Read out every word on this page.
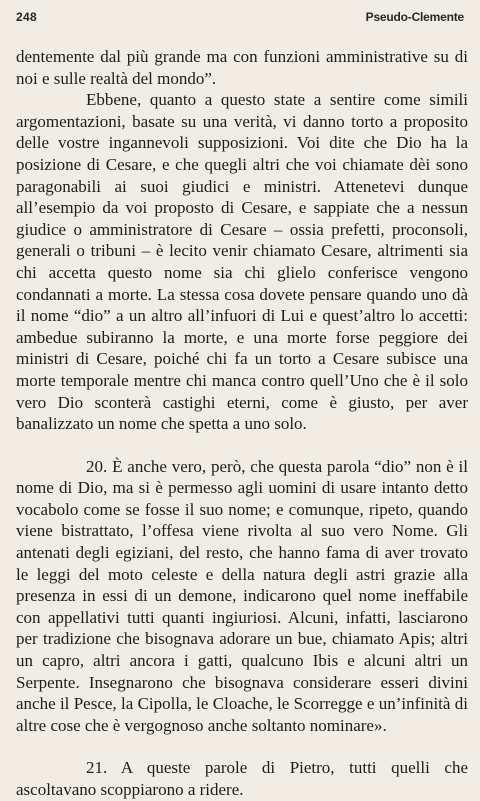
248	Pseudo-Clemente

dentemente dal più grande ma con funzioni amministrative su di noi e sulle realtà del mondo”.

Ebbene, quanto a questo state a sentire come simili argomentazioni, basate su una verità, vi danno torto a proposito delle vostre ingannevoli supposizioni. Voi dite che Dio ha la posizione di Cesare, e che quegli altri che voi chiamate dèi sono paragonabili ai suoi giudici e ministri. Attenetevi dunque all’esempio da voi proposto di Cesare, e sappiate che a nessun giudice o amministratore di Cesare – ossia prefetti, proconsoli, generali o tribuni – è lecito venir chiamato Cesare, altrimenti sia chi accetta questo nome sia chi glielo conferisce vengono condannati a morte. La stessa cosa dovete pensare quando uno dà il nome “dio” a un altro all’infuori di Lui e quest’altro lo accetti: ambedue subiranno la morte, e una morte forse peggiore dei ministri di Cesare, poiché chi fa un torto a Cesare subisce una morte temporale mentre chi manca contro quell’Uno che è il solo vero Dio sconterà castighi eterni, come è giusto, per aver banalizzato un nome che spetta a uno solo.

20. È anche vero, però, che questa parola “dio” non è il nome di Dio, ma si è permesso agli uomini di usare intanto detto vocabolo come se fosse il suo nome; e comunque, ripeto, quando viene bistrattato, l’offesa viene rivolta al suo vero Nome. Gli antenati degli egiziani, del resto, che hanno fama di aver trovato le leggi del moto celeste e della natura degli astri grazie alla presenza in essi di un demone, indicarono quel nome ineffabile con appellativi tutti quanti ingiuriosi. Alcuni, infatti, lasciarono per tradizione che bisognava adorare un bue, chiamato Apis; altri un capro, altri ancora i gatti, qualcuno Ibis e alcuni altri un Serpente. Insegnarono che bisognava considerare esseri divini anche il Pesce, la Cipolla, le Cloache, le Scorregge e un’infinità di altre cose che è vergognoso anche soltanto nominare».

21. A queste parole di Pietro, tutti quelli che ascoltavano scoppiarono a ridere.
